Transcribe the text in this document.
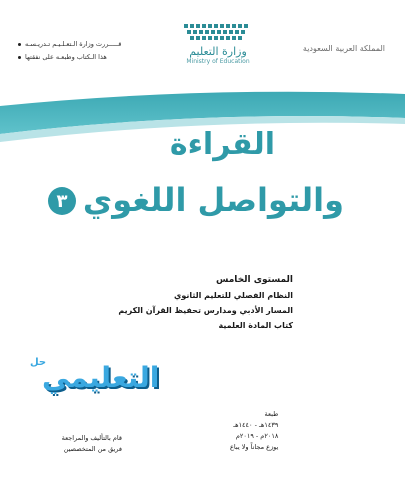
المملكة العربية السعودية
وزارة التعليم
Ministry of Education
قـــــررت وزارة الـتعـلـيـم تـدريـسـه
هذا الـكتاب وطبعـه على نفقتها
القراءة
٣ والتواصل اللغوي
المستوى الخامس
النظام الفصلي للتعليم الثانوي
المسار الأدبي ومدارس تحفيظ القرآن الكريم
كتاب المادة العلمية
حل
التعليمي
طبعة
١٤٣٩هـ - ١٤٤٠هـ
٢٠١٨م - ٢٠١٩م
يوزع مجاناً ولا يباع
قام بالتأليف والمراجعة
فريق من المتخصصين
